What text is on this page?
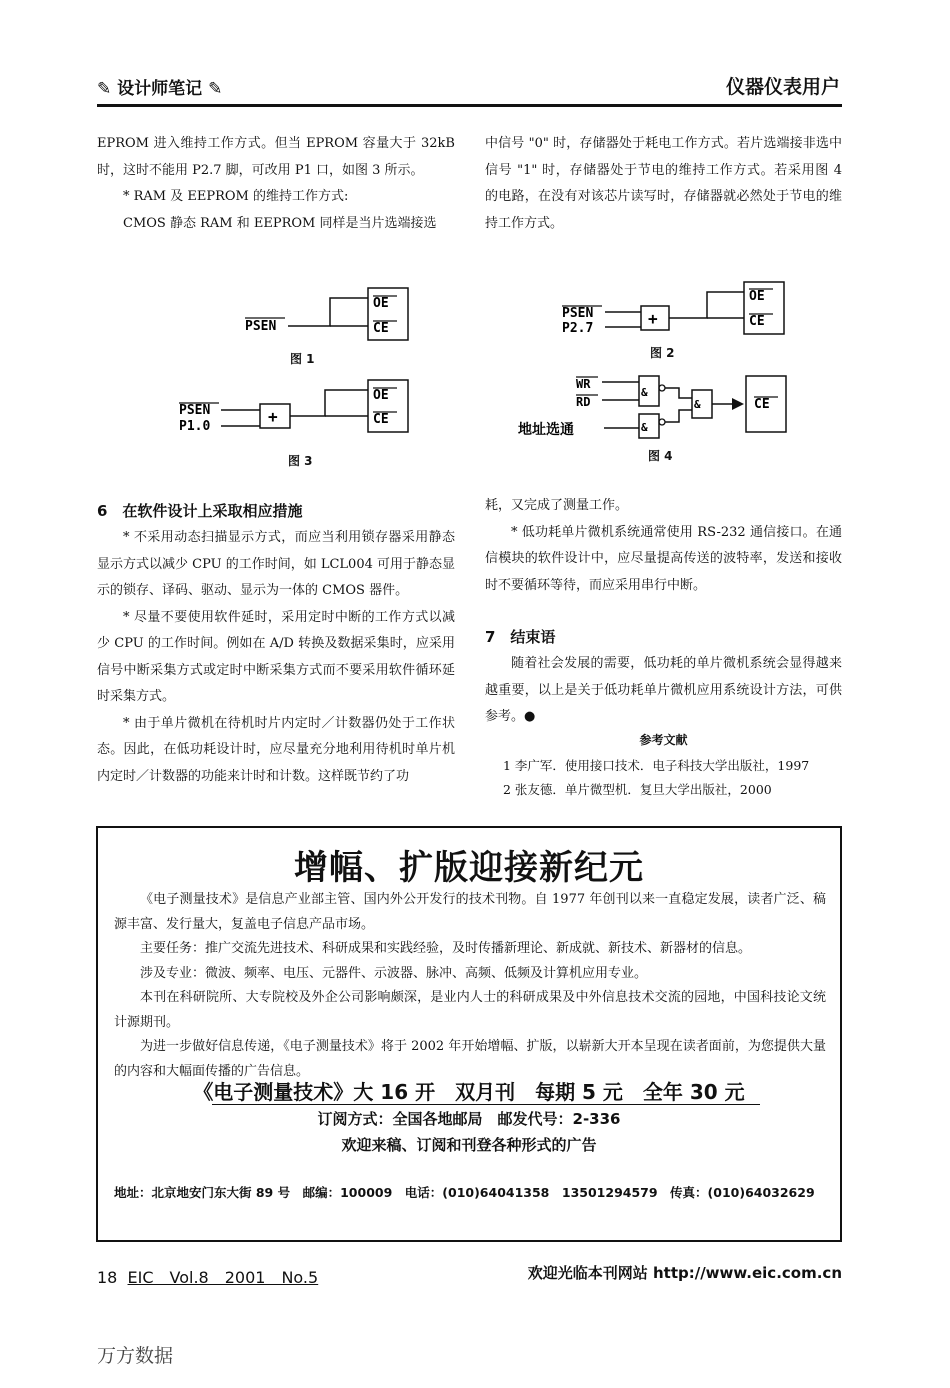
✎ 设计师笔记 ✎	仪器仪表用户

EPROM 进入维持工作方式。但当 EPROM 容量大于 32kB 时，这时不能用 P2.7 脚，可改用 P1 口，如图 3 所示。

* RAM 及 EEPROM 的维持工作方式:

CMOS 静态 RAM 和 EEPROM 同样是当片选端接选

中信号 "0" 时，存储器处于耗电工作方式。若片选端接非选中信号 "1" 时，存储器处于节电的维持工作方式。若采用图 4 的电路，在没有对该芯片读写时，存储器就必然处于节电的维持工作方式。

OE
CE
PSEN
图 1
OE
CE
PSEN
P1.0
+
图 3
OE
CE
PSEN
P2.7
+
图 2
WR
RD
地址选通
&
&
&	CE
图 4

6　在软件设计上采取相应措施

* 不采用动态扫描显示方式，而应当利用锁存器采用静态显示方式以减少 CPU 的工作时间，如 LCL004 可用于静态显示的锁存、译码、驱动、显示为一体的 CMOS 器件。

* 尽量不要使用软件延时，采用定时中断的工作方式以减少 CPU 的工作时间。例如在 A/D 转换及数据采集时，应采用信号中断采集方式或定时中断采集方式而不要采用软件循环延时采集方式。

* 由于单片微机在待机时片内定时／计数器仍处于工作状态。因此，在低功耗设计时，应尽量充分地利用待机时单片机内定时／计数器的功能来计时和计数。这样既节约了功

耗，又完成了测量工作。

* 低功耗单片微机系统通常使用 RS-232 通信接口。在通信模块的软件设计中，应尽量提高传送的波特率，发送和接收时不要循环等待，而应采用串行中断。

7　结束语

随着社会发展的需要，低功耗的单片微机系统会显得越来越重要，以上是关于低功耗单片微机应用系统设计方法，可供参考。●

参考文献
1 李广军．使用接口技术．电子科技大学出版社，1997
2 张友德．单片微型机．复旦大学出版社，2000
增幅、扩版迎接新纪元

《电子测量技术》是信息产业部主管、国内外公开发行的技术刊物。自 1977 年创刊以来一直稳定发展，读者广泛、稿源丰富、发行量大，复盖电子信息产品市场。

主要任务：推广交流先进技术、科研成果和实践经验，及时传播新理论、新成就、新技术、新器材的信息。

涉及专业：微波、频率、电压、元器件、示波器、脉冲、高频、低频及计算机应用专业。

本刊在科研院所、大专院校及外企公司影响颇深，是业内人士的科研成果及中外信息技术交流的园地，中国科技论文统计源期刊。

为进一步做好信息传递，《电子测量技术》将于 2002 年开始增幅、扩版，以崭新大开本呈现在读者面前，为您提供大量的内容和大幅面传播的广告信息。

《电子测量技术》大 16 开　双月刊　每期 5 元　全年 30 元
订阅方式：全国各地邮局　邮发代号：2-336
欢迎来稿、订阅和刊登各种形式的广告
地址：北京地安门东大街 89 号　邮编：100009　电话：(010)64041358　13501294579　传真：(010)64032629
18 EIC　Vol.8　2001　No.5	欢迎光临本刊网站 http://www.eic.com.cn
万方数据
